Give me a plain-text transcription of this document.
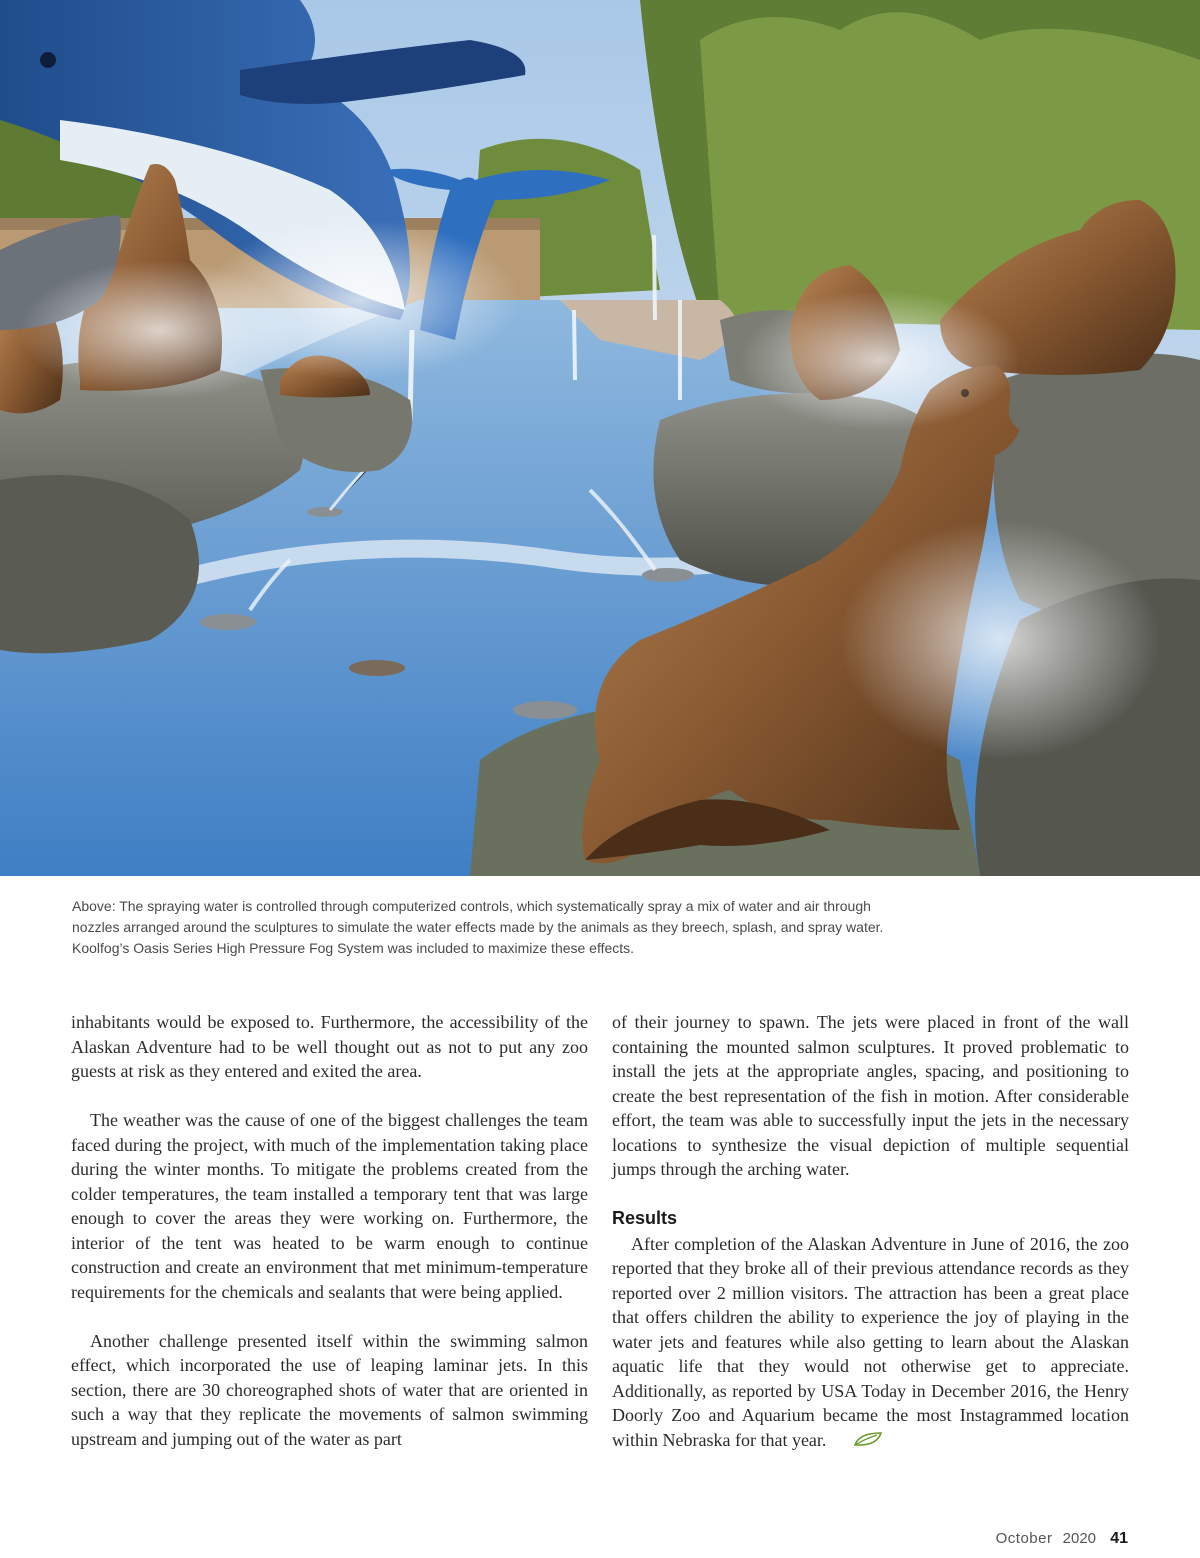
Above: The spraying water is controlled through computerized controls, which systematically spray a mix of water and air through nozzles arranged around the sculptures to simulate the water effects made by the animals as they breech, splash, and spray water. Koolfog’s Oasis Series High Pressure Fog System was included to maximize these effects.

inhabitants would be exposed to. Furthermore, the accessibility of the Alaskan Adventure had to be well thought out as not to put any zoo guests at risk as they entered and exited the area.

The weather was the cause of one of the biggest challenges the team faced during the project, with much of the implementation taking place during the winter months. To mitigate the problems created from the colder temperatures, the team installed a temporary tent that was large enough to cover the areas they were working on. Furthermore, the interior of the tent was heated to be warm enough to continue construction and create an environment that met minimum-temperature requirements for the chemicals and sealants that were being applied.

Another challenge presented itself within the swimming salmon effect, which incorporated the use of leaping laminar jets. In this section, there are 30 choreographed shots of water that are oriented in such a way that they replicate the movements of salmon swimming upstream and jumping out of the water as part

of their journey to spawn. The jets were placed in front of the wall containing the mounted salmon sculptures. It proved problematic to install the jets at the appropriate angles, spacing, and positioning to create the best representation of the fish in motion. After considerable effort, the team was able to successfully input the jets in the necessary locations to synthesize the visual depiction of multiple sequential jumps through the arching water.

Results

After completion of the Alaskan Adventure in June of 2016, the zoo reported that they broke all of their previous attendance records as they reported over 2 million visitors. The attraction has been a great place that offers children the ability to experience the joy of playing in the water jets and features while also getting to learn about the Alaskan aquatic life that they would not otherwise get to appreciate. Additionally, as reported by USA Today in December 2016, the Henry Doorly Zoo and Aquarium became the most Instagrammed location within Nebraska for that year.

October 2020 41
